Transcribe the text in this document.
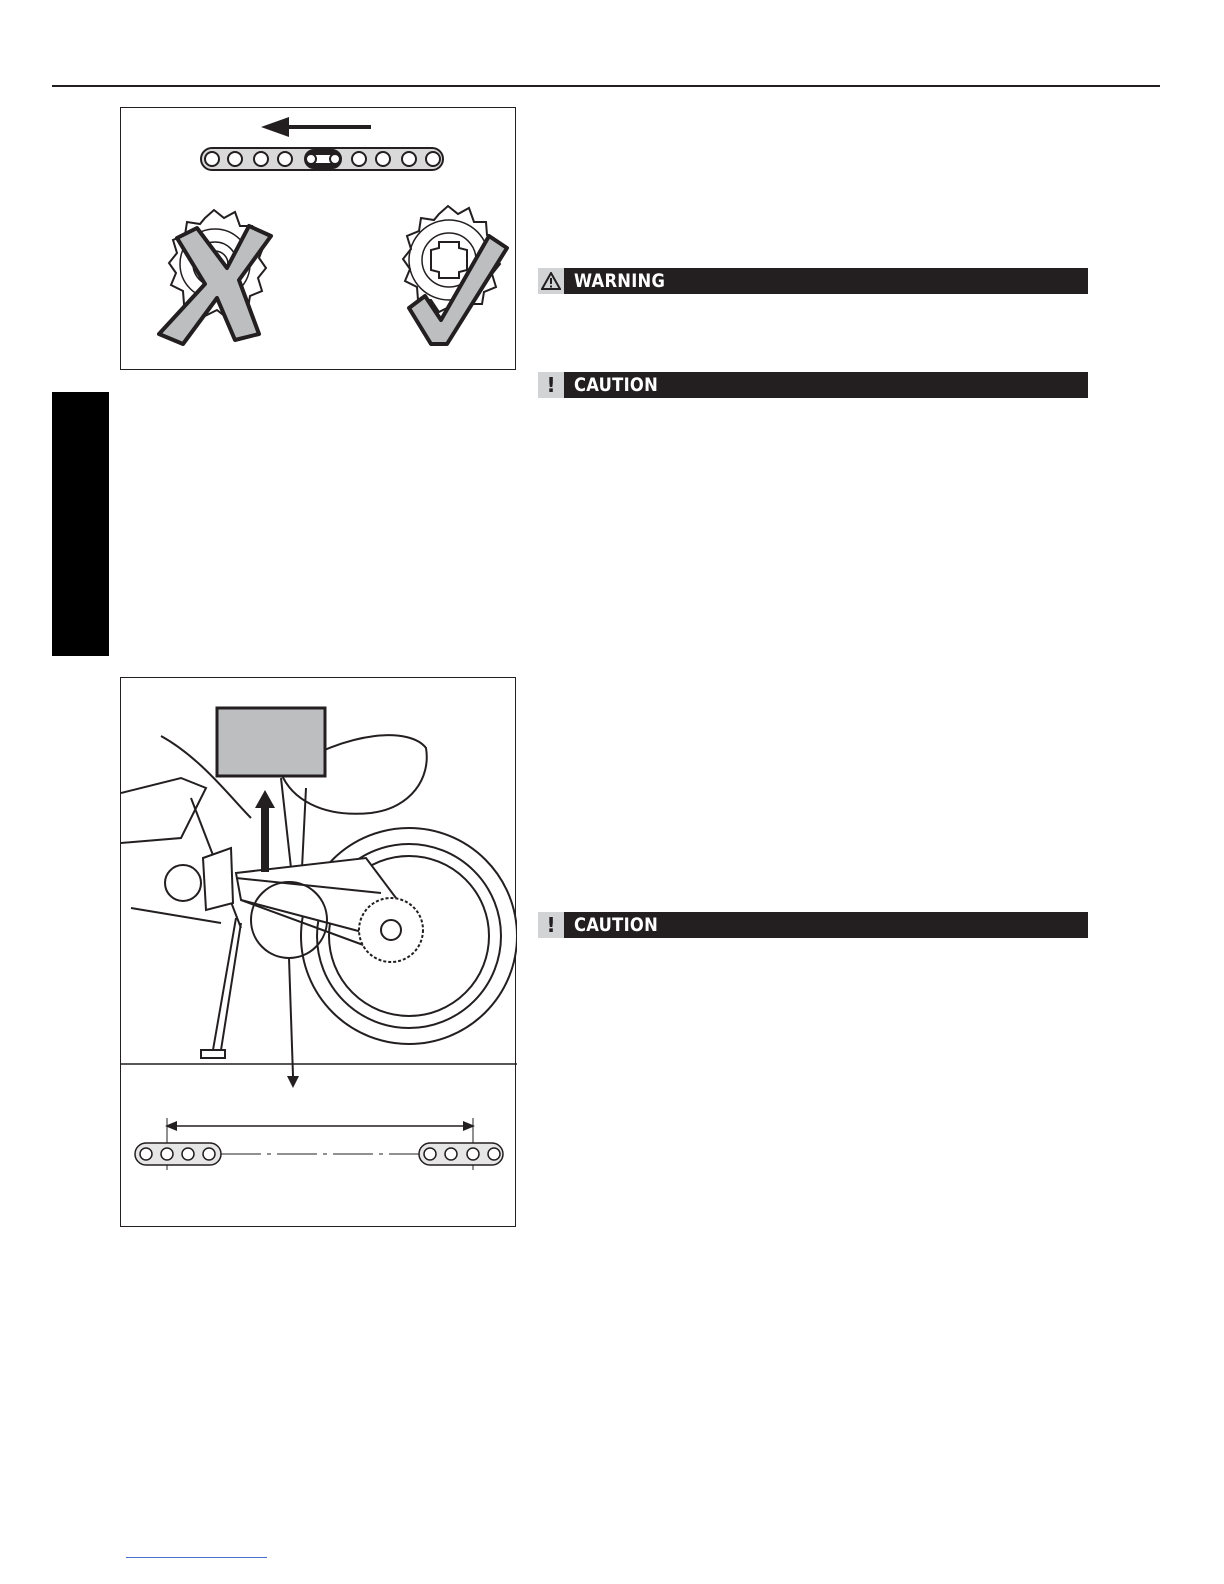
WARNING
! CAUTION
! CAUTION
